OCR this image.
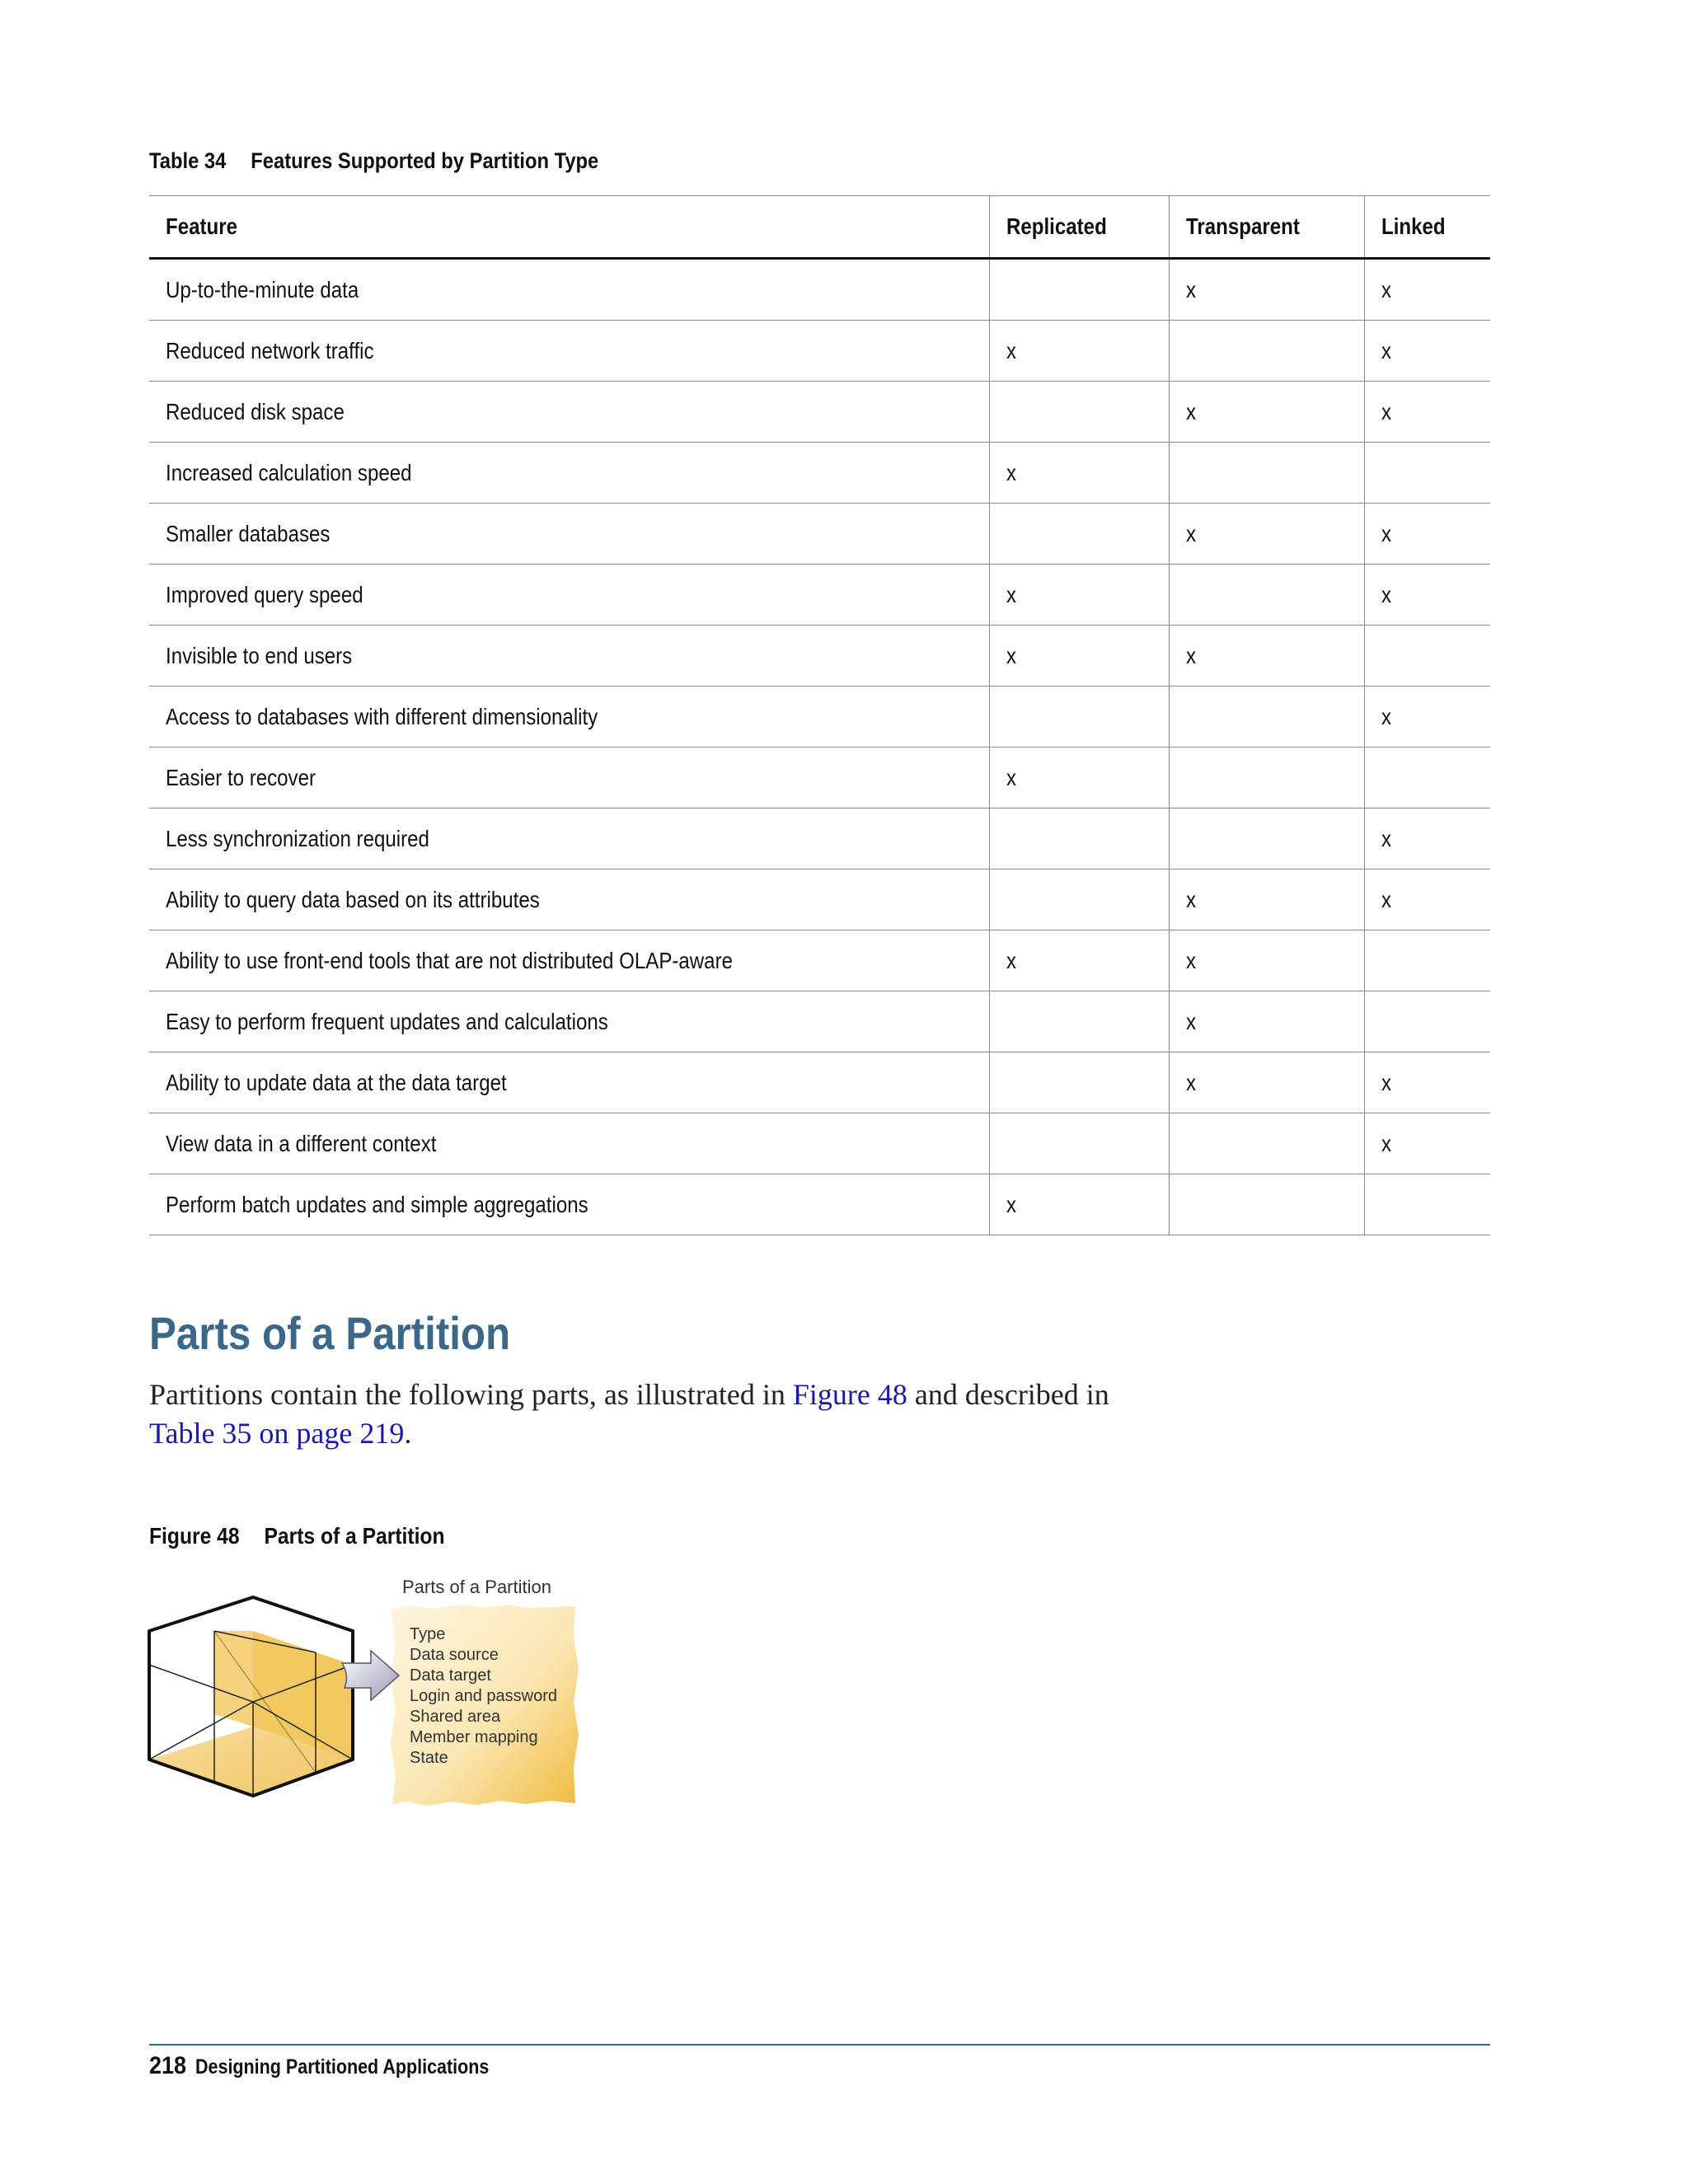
Table 34 Features Supported by Partition Type
Feature	Replicated	Transparent	Linked
Up-to-the-minute data		x	x
Reduced network traffic	x		x
Reduced disk space		x	x
Increased calculation speed	x		
Smaller databases		x	x
Improved query speed	x		x
Invisible to end users	x	x	
Access to databases with different dimensionality			x
Easier to recover	x		
Less synchronization required			x
Ability to query data based on its attributes		x	x
Ability to use front-end tools that are not distributed OLAP-aware	x	x	
Easy to perform frequent updates and calculations		x	
Ability to update data at the data target		x	x
View data in a different context			x
Perform batch updates and simple aggregations	x		
Parts of a Partition

Partitions contain the following parts, as illustrated in Figure 48 and described in
Table 35 on page 219.

Figure 48 Parts of a Partition
Parts of a Partition
Type
Data source
Data target
Login and password
Shared area
Member mapping
State
218 Designing Partitioned Applications
